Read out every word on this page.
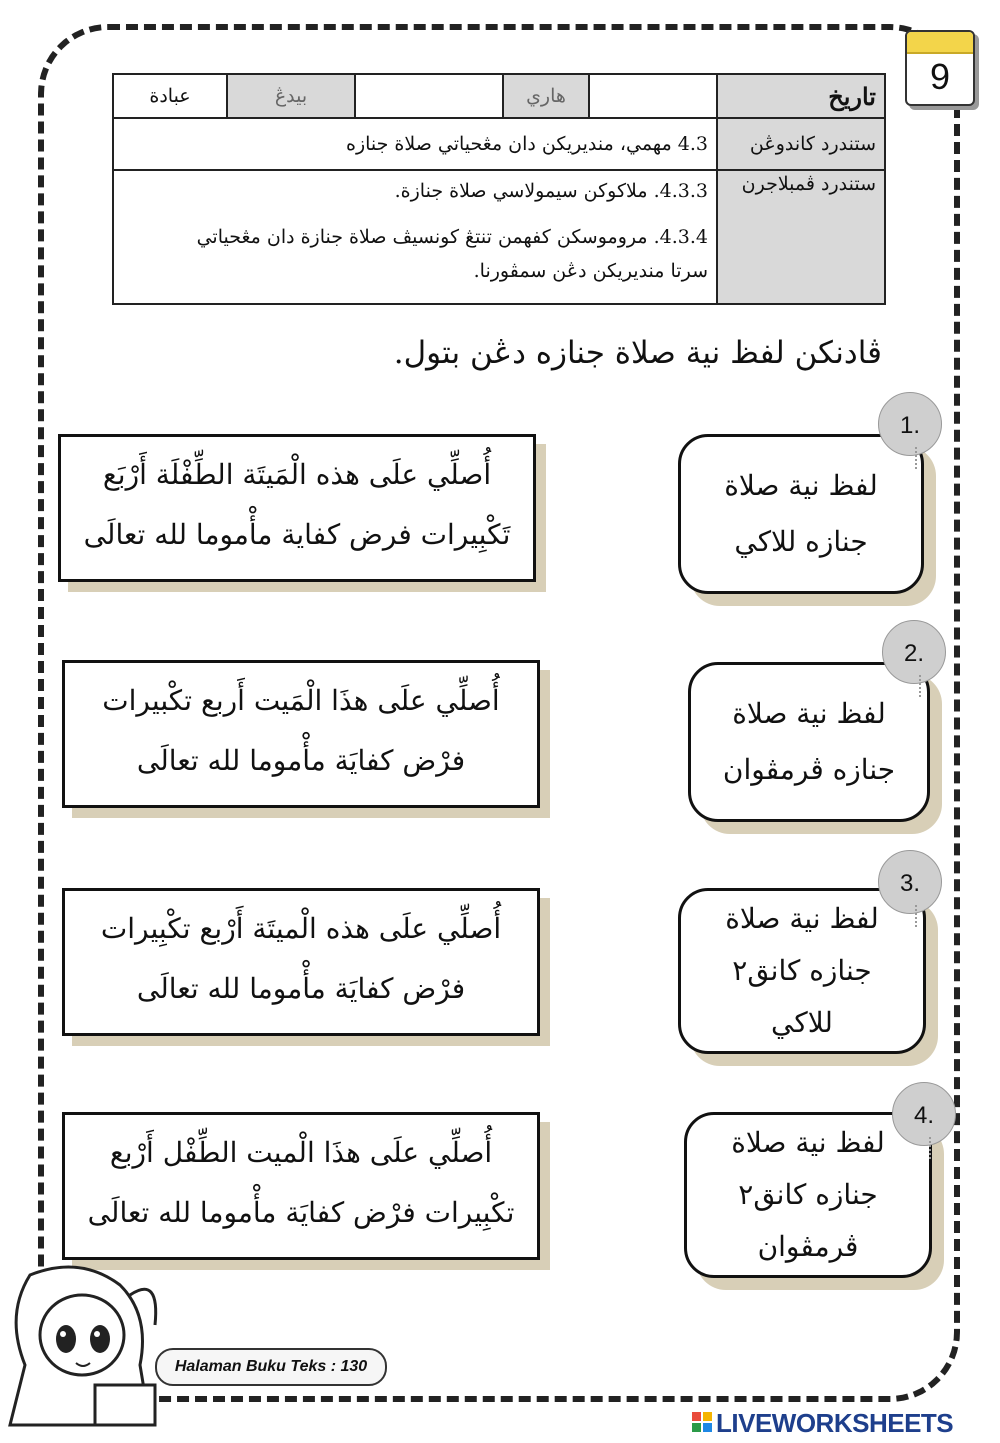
9
تاريخ		هاري		بيدڠ	عبادة
ستندرد كاندوڠن	4.3 مهمي، منديريكن دان مڠحياتي صلاة جنازه				
ستندرد ڤمبلاجرن	4.3.3. ملاكوكن سيمولاسي صلاة جنازة.

4.3.4. مروموسكن كفهمن تنتڠ كونسيڤ صلاة جنازة دان مڠحياتي

سرتا منديريكن دڠن سمڤورنا.				

ڤادنكن لفظ نية صلاة جنازه دڠن بتول.
أُصلِّي علَى هذه الْمَيتَة الطِّفْلَة أَرْبَع
تَكْبِيرات فرض كفاية مأْموما لله تعالَى
لفظ نية صلاة
جنازه للاكي
1.
أُصلِّي علَى هذَا الْمَيت أَربع تكْبيرات
فرْض كفايَة مأْموما لله تعالَى
لفظ نية صلاة
جنازه ڤرمڤوان
2.
أُصلِّي علَى هذه الْميتَة أَرْبع تكْبِيرات
فرْض كفايَة مأْموما لله تعالَى
لفظ نية صلاة
جنازه كانق٢
للاكي
3.
أُصلِّي علَى هذَا الْميت الطِّفْل أَرْبع
تكْبِيرات فرْض كفايَة مأْموما لله تعالَى
لفظ نية صلاة
جنازه كانق٢
ڤرمڤوان
4.
Halaman Buku Teks : 130
LIVEWORKSHEETS
